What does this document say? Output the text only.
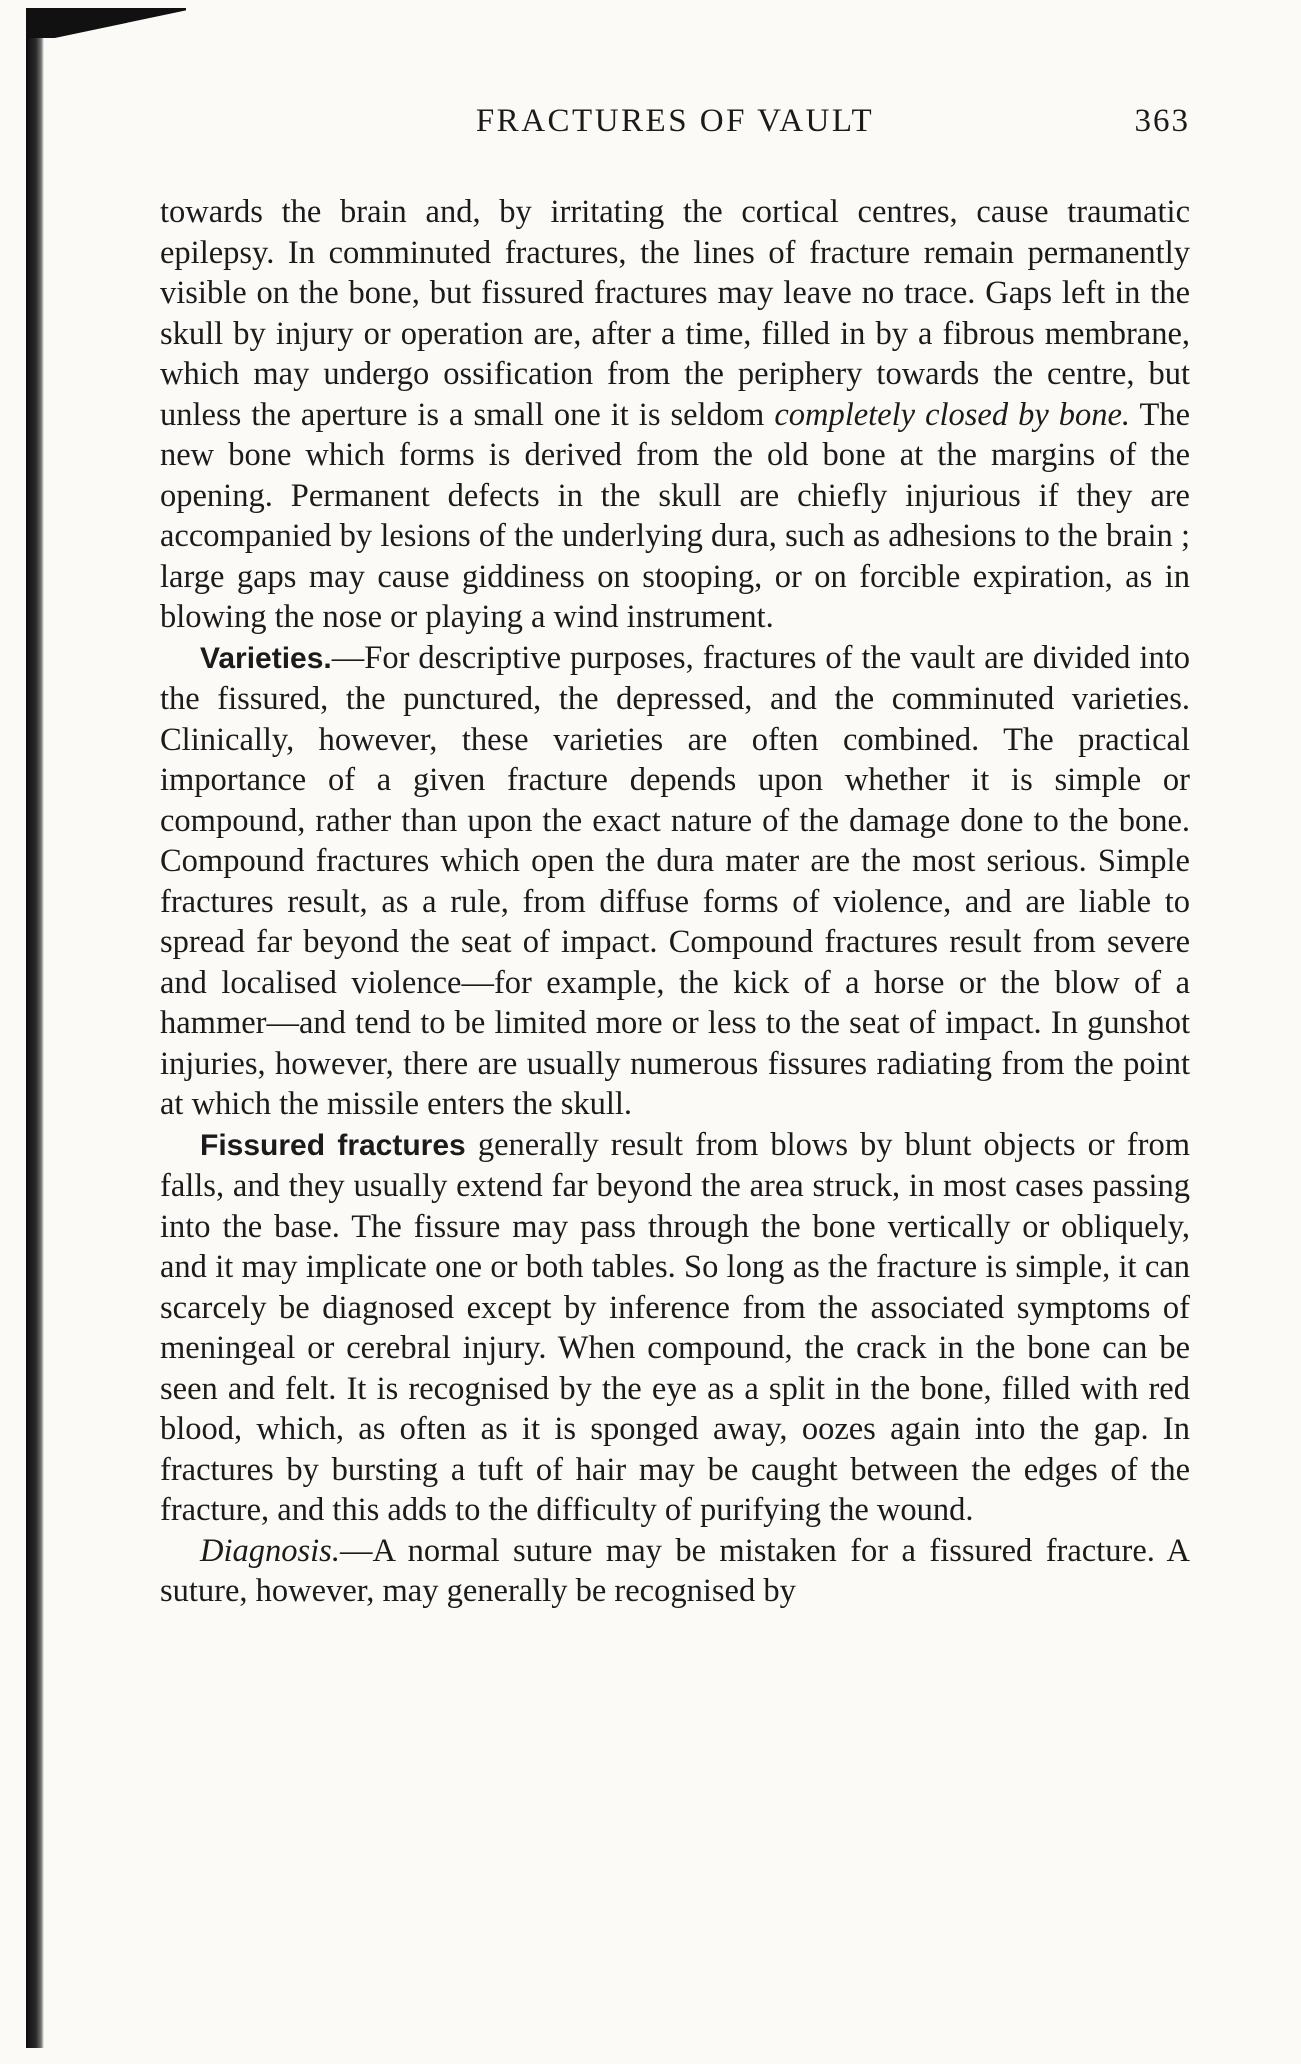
FRACTURES OF VAULT	363

towards the brain and, by irritating the cortical centres, cause traumatic epilepsy. In comminuted fractures, the lines of fracture remain permanently visible on the bone, but fissured fractures may leave no trace. Gaps left in the skull by injury or operation are, after a time, filled in by a fibrous membrane, which may undergo ossification from the periphery towards the centre, but unless the aperture is a small one it is seldom completely closed by bone. The new bone which forms is derived from the old bone at the margins of the opening. Permanent defects in the skull are chiefly injurious if they are accompanied by lesions of the underlying dura, such as adhesions to the brain ; large gaps may cause giddiness on stooping, or on forcible expiration, as in blowing the nose or playing a wind instrument.

Varieties.—For descriptive purposes, fractures of the vault are divided into the fissured, the punctured, the depressed, and the comminuted varieties. Clinically, however, these varieties are often combined. The practical importance of a given fracture depends upon whether it is simple or compound, rather than upon the exact nature of the damage done to the bone. Compound fractures which open the dura mater are the most serious. Simple fractures result, as a rule, from diffuse forms of violence, and are liable to spread far beyond the seat of impact. Compound fractures result from severe and localised violence—for example, the kick of a horse or the blow of a hammer—and tend to be limited more or less to the seat of impact. In gunshot injuries, however, there are usually numerous fissures radiating from the point at which the missile enters the skull.

Fissured fractures generally result from blows by blunt objects or from falls, and they usually extend far beyond the area struck, in most cases passing into the base. The fissure may pass through the bone vertically or obliquely, and it may implicate one or both tables. So long as the fracture is simple, it can scarcely be diagnosed except by inference from the associated symptoms of meningeal or cerebral injury. When compound, the crack in the bone can be seen and felt. It is recognised by the eye as a split in the bone, filled with red blood, which, as often as it is sponged away, oozes again into the gap. In fractures by bursting a tuft of hair may be caught between the edges of the fracture, and this adds to the difficulty of purifying the wound.

Diagnosis.—A normal suture may be mistaken for a fissured fracture. A suture, however, may generally be recognised by
